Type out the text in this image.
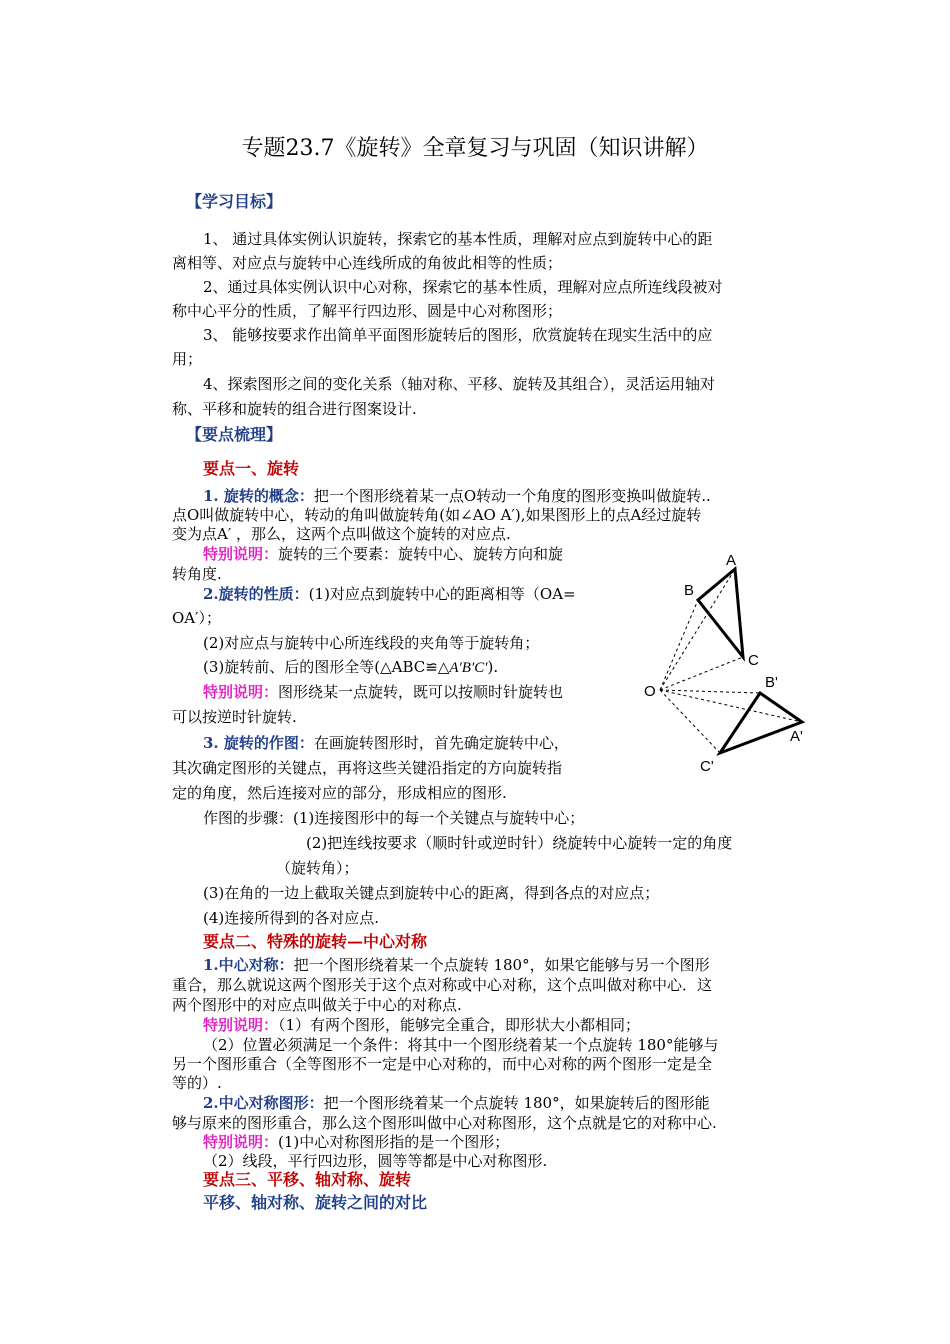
专题23.7《旋转》全章复习与巩固（知识讲解）
【学习目标】
1、 通过具体实例认识旋转，探索它的基本性质，理解对应点到旋转中心的距
离相等、对应点与旋转中心连线所成的角彼此相等的性质；
2、通过具体实例认识中心对称，探索它的基本性质，理解对应点所连线段被对
称中心平分的性质，了解平行四边形、圆是中心对称图形；
3、 能够按要求作出简单平面图形旋转后的图形，欣赏旋转在现实生活中的应
用；
4、探索图形之间的变化关系（轴对称、平移、旋转及其组合），灵活运用轴对
称、平移和旋转的组合进行图案设计.
【要点梳理】
要点一、旋转
1. 旋转的概念：把一个图形绕着某一点O转动一个角度的图形变换叫做旋转..
点O叫做旋转中心，转动的角叫做旋转角(如∠AO A′),如果图形上的点A经过旋转
变为点A′ ，那么，这两个点叫做这个旋转的对应点.
特别说明：旋转的三个要素：旋转中心、旋转方向和旋
转角度.
2.旋转的性质：(1)对应点到旋转中心的距离相等（OA=
OA′）；
(2)对应点与旋转中心所连线段的夹角等于旋转角；
(3)旋转前、后的图形全等(△ABC≌△A′B′C′).
特别说明：图形绕某一点旋转，既可以按顺时针旋转也
可以按逆时针旋转.
3. 旋转的作图：在画旋转图形时，首先确定旋转中心，
其次确定图形的关键点，再将这些关键沿指定的方向旋转指
定的角度，然后连接对应的部分，形成相应的图形.
作图的步骤：(1)连接图形中的每一个关键点与旋转中心；
(2)把连线按要求（顺时针或逆时针）绕旋转中心旋转一定的角度
（旋转角）；
(3)在角的一边上截取关键点到旋转中心的距离，得到各点的对应点；
(4)连接所得到的各对应点.
要点二、特殊的旋转—中心对称
1.中心对称：把一个图形绕着某一个点旋转 180°，如果它能够与另一个图形
重合，那么就说这两个图形关于这个点对称或中心对称，这个点叫做对称中心．这
两个图形中的对应点叫做关于中心的对称点.
特别说明：（1）有两个图形，能够完全重合，即形状大小都相同；
（2）位置必须满足一个条件：将其中一个图形绕着某一个点旋转 180°能够与
另一个图形重合（全等图形不一定是中心对称的，而中心对称的两个图形一定是全
等的）.
2.中心对称图形：把一个图形绕着某一个点旋转 180°，如果旋转后的图形能
够与原来的图形重合，那么这个图形叫做中心对称图形，这个点就是它的对称中心.
特别说明：(1)中心对称图形指的是一个图形；
（2）线段，平行四边形，圆等等都是中心对称图形.
要点三、平移、轴对称、旋转
平移、轴对称、旋转之间的对比
A
B
C
O
B'
A'
C'
